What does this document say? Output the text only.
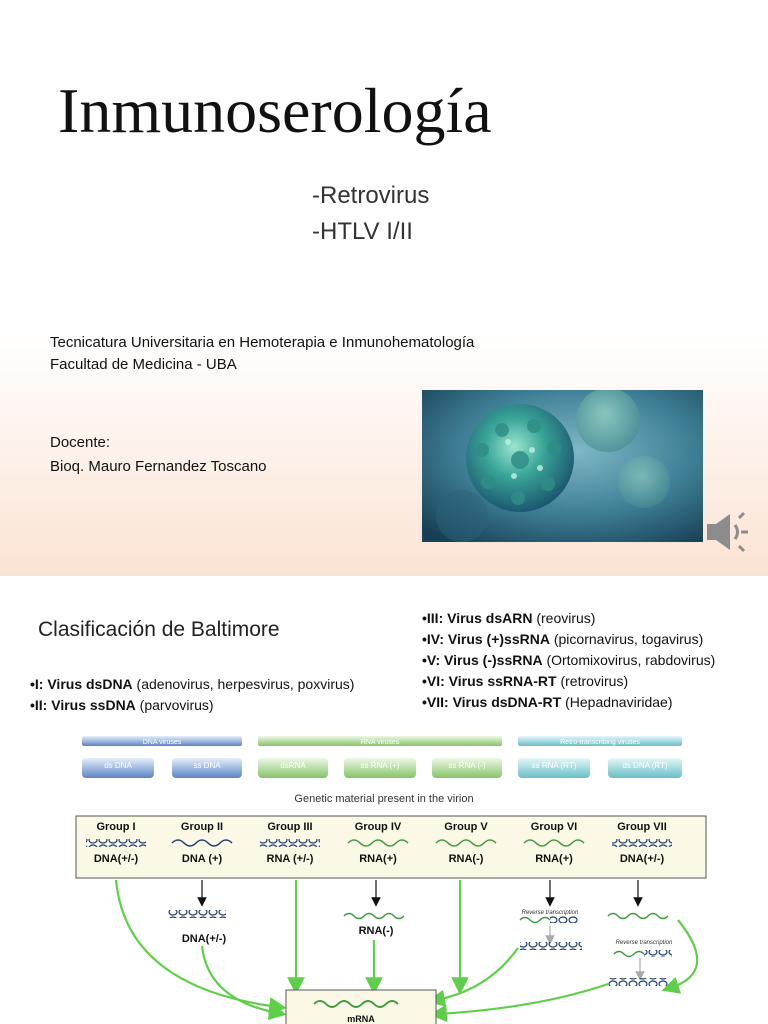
Inmunoserología
-Retrovirus
-HTLV I/II
Tecnicatura Universitaria en Hemoterapia e Inmunohematología
Facultad de Medicina - UBA
Docente:
Bioq. Mauro Fernandez Toscano
Clasificación de Baltimore
•I: Virus dsDNA (adenovirus, herpesvirus, poxvirus)
•II: Virus ssDNA (parvovirus)
•III: Virus dsARN (reovirus)
•IV: Virus (+)ssRNA (picornavirus, togavirus)
•V: Virus (-)ssRNA (Ortomixovirus, rabdovirus)
•VI: Virus ssRNA-RT (retrovirus)
•VII: Virus dsDNA-RT (Hepadnaviridae)
DNA viruses	RNA viruses	Retro-transcribing viruses
ds DNA	ss DNA	dsRNA	ss RNA (+)	ss RNA (-)	ss RNA (RT)	ds DNA (RT)
Genetic material present in the virion
Group I	Group II	Group III	Group IV	Group V	Group VI	Group VII
DNA(+/-)	DNA (+)	RNA (+/-)	RNA(+)	RNA(-)	RNA(+)	DNA(+/-)
DNA(+/-)
RNA(-)
Reverse transcription
Reverse transcription
mRNA
